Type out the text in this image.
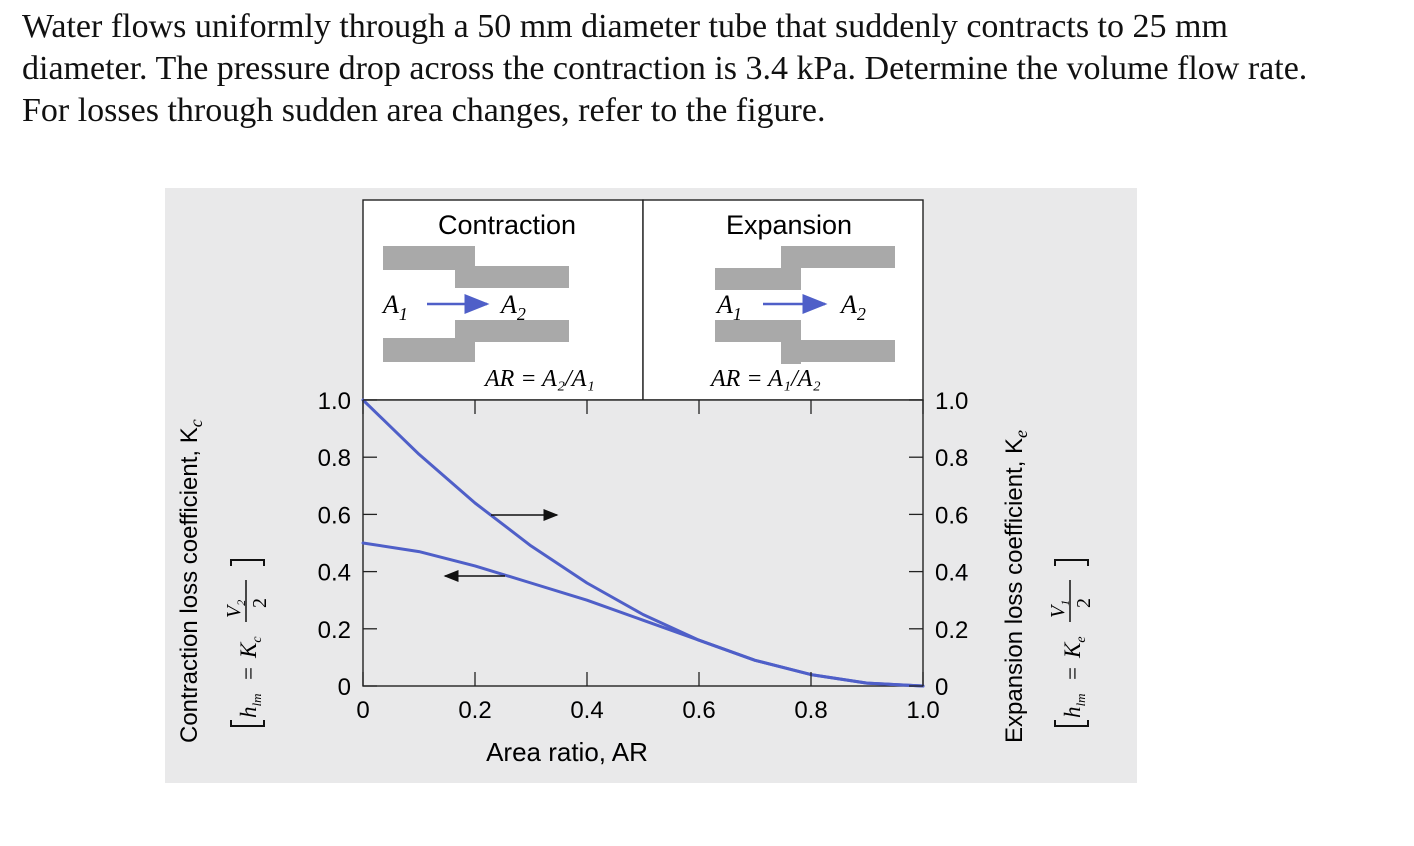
Water flows uniformly through a 50 mm diameter tube that suddenly contracts to 25 mm diameter. The pressure drop across the contraction is 3.4 kPa. Determine the volume flow rate. For losses through sudden area changes, refer to the figure.

Contraction	Expansion
$A_1$	$A_2$
AR = A₂/A₁
$A_1$	$A_2$
AR = A₁/A₂
0	0
0.2	0.2
0.4	0.4
0.6	0.6
0.8	0.8
1.0	1.0
0	0.2	0.4	0.6	0.8	1.0
Contraction loss coefficient, $K_c$
Expansion loss coefficient, $K_e$
$h_{lm}$
=
$K_c$
$V_2$ 2
$h_{lm}$
=
$K_e$
$V_1$ 2
Area ratio, AR
